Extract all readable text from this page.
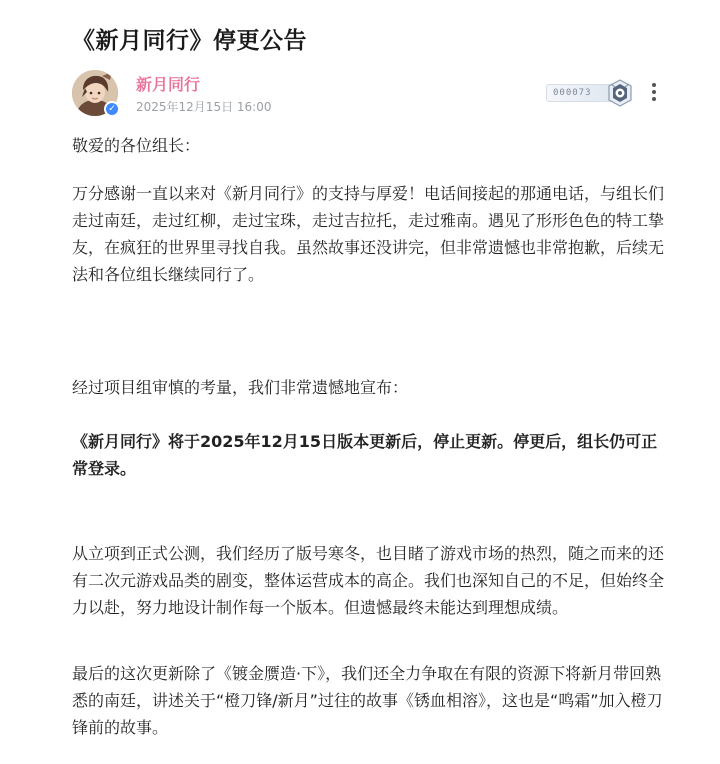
《新月同行》停更公告
✓
新月同行
2025年12月15日 16:00
000073

敬爱的各位组长：

万分感谢一直以来对《新月同行》的支持与厚爱！电话间接起的那通电话，与组长们走过南廷，走过红柳，走过宝珠，走过吉拉托，走过雅南。遇见了形形色色的特工挚友，在疯狂的世界里寻找自我。虽然故事还没讲完，但非常遗憾也非常抱歉，后续无法和各位组长继续同行了。

经过项目组审慎的考量，我们非常遗憾地宣布：

《新月同行》将于2025年12月15日版本更新后，停止更新。停更后，组长仍可正常登录。

从立项到正式公测，我们经历了版号寒冬，也目睹了游戏市场的热烈，随之而来的还有二次元游戏品类的剧变，整体运营成本的高企。我们也深知自己的不足，但始终全力以赴，努力地设计制作每一个版本。但遗憾最终未能达到理想成绩。

最后的这次更新除了《镀金赝造·下》，我们还全力争取在有限的资源下将新月带回熟悉的南廷，讲述关于“橙刀锋/新月”过往的故事《锈血相溶》，这也是“鸣霜”加入橙刀锋前的故事。
